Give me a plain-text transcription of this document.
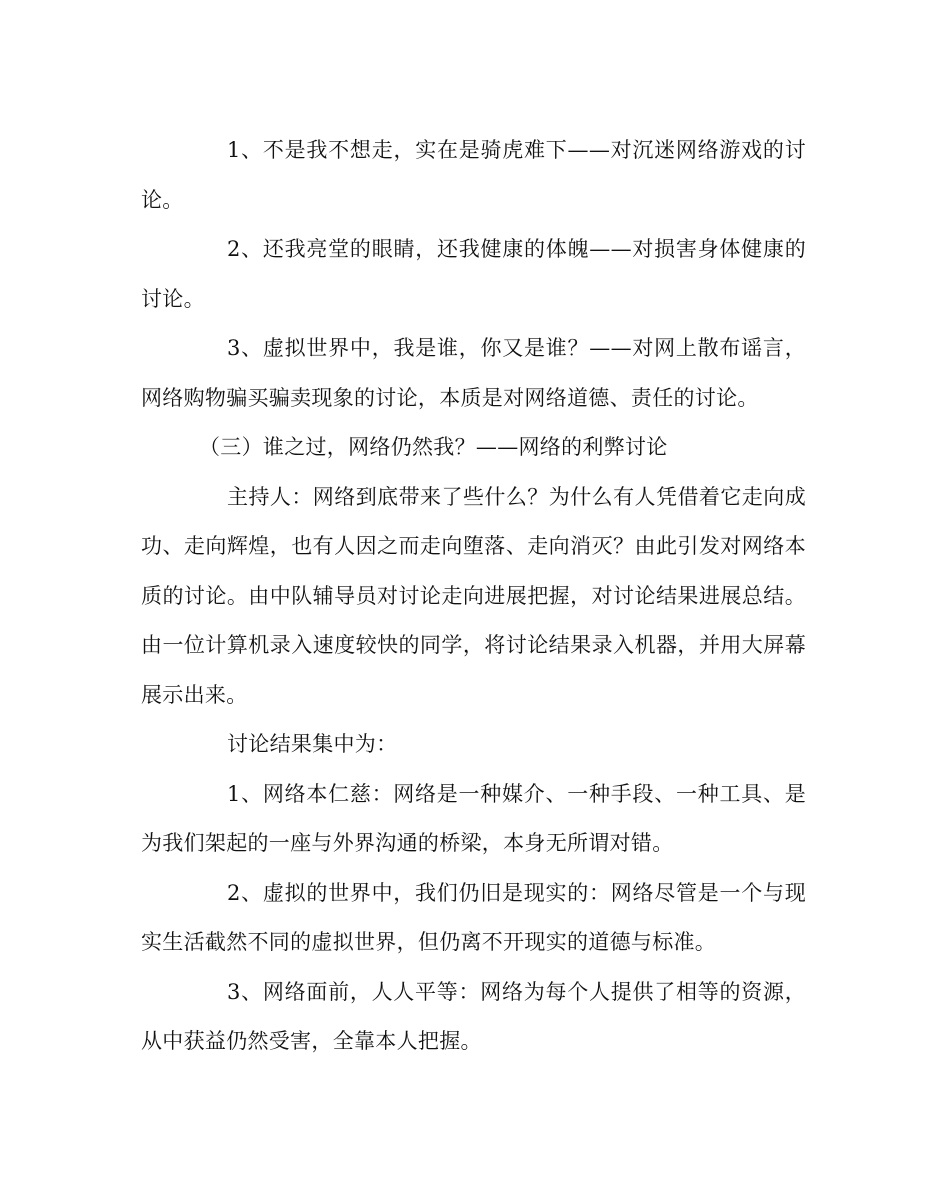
1、不是我不想走，实在是骑虎难下——对沉迷网络游戏的讨论。

2、还我亮堂的眼睛，还我健康的体魄——对损害身体健康的讨论。

3、虚拟世界中，我是谁，你又是谁？——对网上散布谣言，网络购物骗买骗卖现象的讨论，本质是对网络道德、责任的讨论。

（三）谁之过，网络仍然我？——网络的利弊讨论

主持人：网络到底带来了些什么？为什么有人凭借着它走向成功、走向辉煌，也有人因之而走向堕落、走向消灭？由此引发对网络本质的讨论。由中队辅导员对讨论走向进展把握，对讨论结果进展总结。由一位计算机录入速度较快的同学，将讨论结果录入机器，并用大屏幕展示出来。

讨论结果集中为：

1、网络本仁慈：网络是一种媒介、一种手段、一种工具、是为我们架起的一座与外界沟通的桥梁，本身无所谓对错。

2、虚拟的世界中，我们仍旧是现实的：网络尽管是一个与现实生活截然不同的虚拟世界，但仍离不开现实的道德与标准。

3、网络面前，人人平等：网络为每个人提供了相等的资源，从中获益仍然受害，全靠本人把握。
